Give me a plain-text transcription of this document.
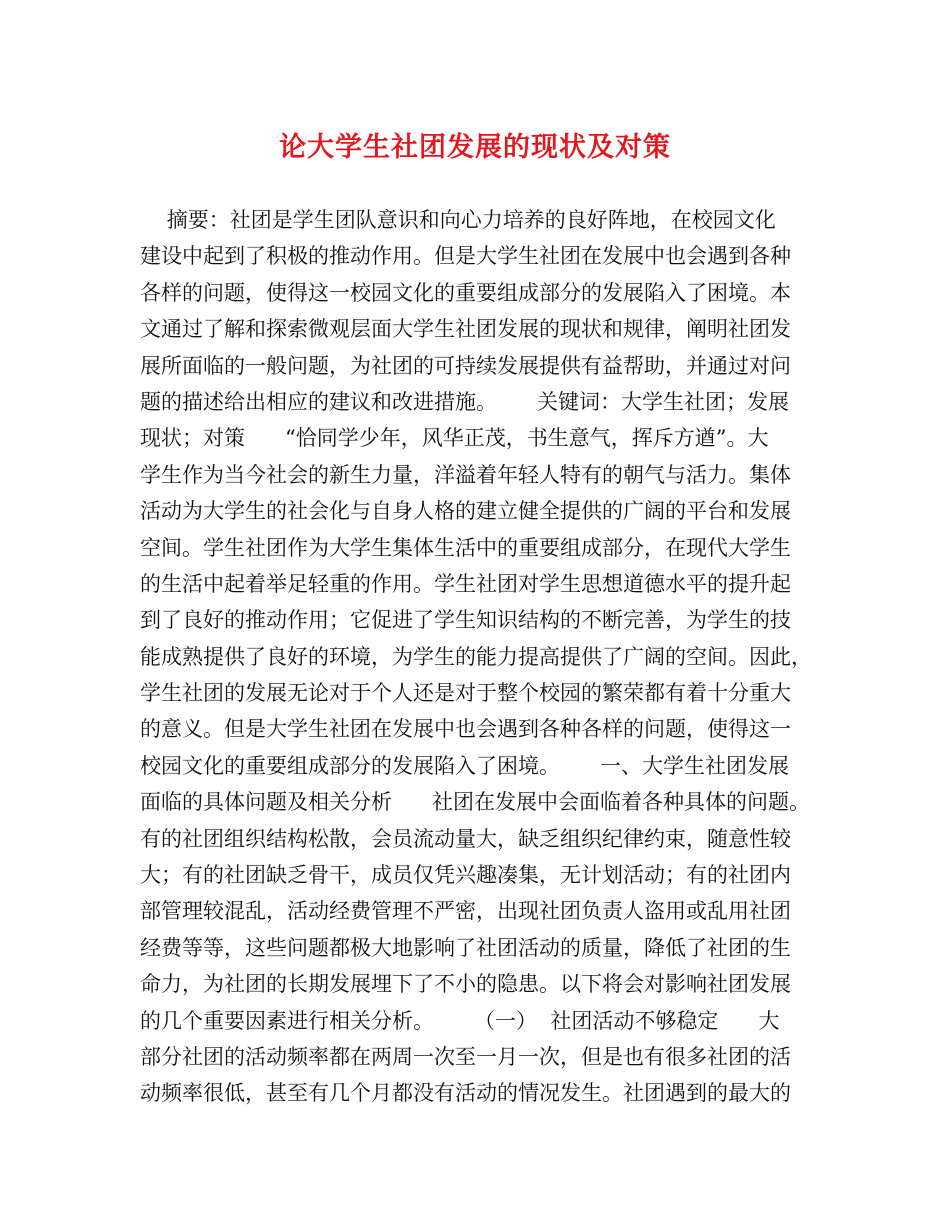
论大学生社团发展的现状及对策
摘要：社团是学生团队意识和向心力培养的良好阵地，在校园文化
建设中起到了积极的推动作用。但是大学生社团在发展中也会遇到各种
各样的问题，使得这一校园文化的重要组成部分的发展陷入了困境。本
文通过了解和探索微观层面大学生社团发展的现状和规律，阐明社团发
展所面临的一般问题，为社团的可持续发展提供有益帮助，并通过对问
题的描述给出相应的建议和改进措施。      关键词：大学生社团；发展
现状；对策      “恰同学少年，风华正茂，书生意气，挥斥方遒”。大
学生作为当今社会的新生力量，洋溢着年轻人特有的朝气与活力。集体
活动为大学生的社会化与自身人格的建立健全提供的广阔的平台和发展
空间。学生社团作为大学生集体生活中的重要组成部分，在现代大学生
的生活中起着举足轻重的作用。学生社团对学生思想道德水平的提升起
到了良好的推动作用；它促进了学生知识结构的不断完善，为学生的技
能成熟提供了良好的环境，为学生的能力提高提供了广阔的空间。因此，
学生社团的发展无论对于个人还是对于整个校园的繁荣都有着十分重大
的意义。但是大学生社团在发展中也会遇到各种各样的问题，使得这一
校园文化的重要组成部分的发展陷入了困境。      一、大学生社团发展
面临的具体问题及相关分析      社团在发展中会面临着各种具体的问题。
有的社团组织结构松散，会员流动量大，缺乏组织纪律约束，随意性较
大；有的社团缺乏骨干，成员仅凭兴趣凑集，无计划活动；有的社团内
部管理较混乱，活动经费管理不严密，出现社团负责人盗用或乱用社团
经费等等，这些问题都极大地影响了社团活动的质量，降低了社团的生
命力，为社团的长期发展埋下了不小的隐患。以下将会对影响社团发展
的几个重要因素进行相关分析。      （一）  社团活动不够稳定      大
部分社团的活动频率都在两周一次至一月一次，但是也有很多社团的活
动频率很低，甚至有几个月都没有活动的情况发生。社团遇到的最大的
